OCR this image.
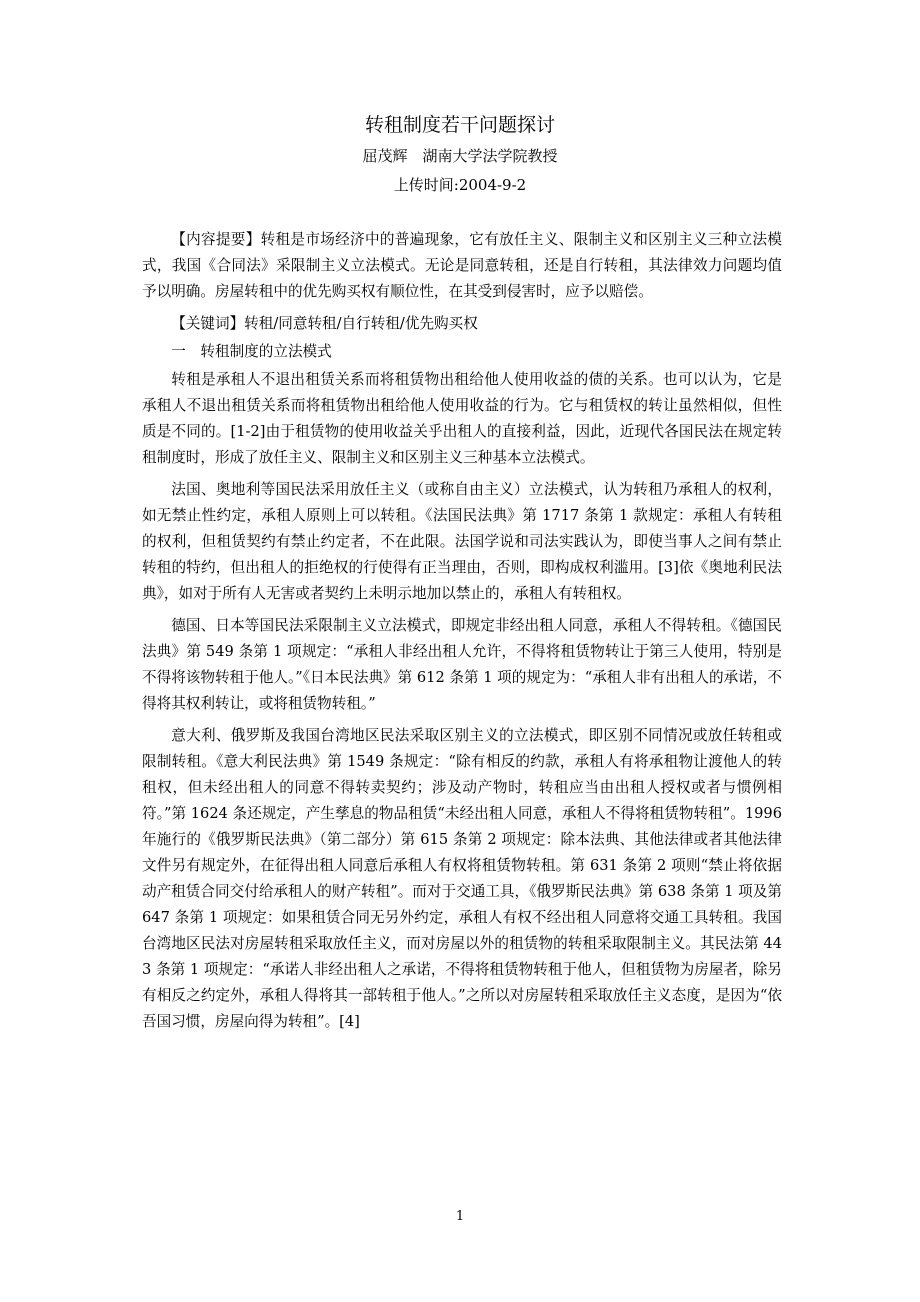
转租制度若干问题探讨
屈茂辉　湖南大学法学院教授
上传时间:2004-9-2

【内容提要】转租是市场经济中的普遍现象，它有放任主义、限制主义和区别主义三种立法模式，我国《合同法》采限制主义立法模式。无论是同意转租，还是自行转租，其法律效力问题均值予以明确。房屋转租中的优先购买权有顺位性，在其受到侵害时，应予以赔偿。

【关键词】转租/同意转租/自行转租/优先购买权

一　转租制度的立法模式

转租是承租人不退出租赁关系而将租赁物出租给他人使用收益的债的关系。也可以认为，它是承租人不退出租赁关系而将租赁物出租给他人使用收益的行为。它与租赁权的转让虽然相似，但性质是不同的。[1-2]由于租赁物的使用收益关乎出租人的直接利益，因此，近现代各国民法在规定转租制度时，形成了放任主义、限制主义和区别主义三种基本立法模式。

法国、奥地利等国民法采用放任主义（或称自由主义）立法模式，认为转租乃承租人的权利，如无禁止性约定，承租人原则上可以转租。《法国民法典》第 1717 条第 1 款规定：承租人有转租的权利，但租赁契约有禁止约定者，不在此限。法国学说和司法实践认为，即使当事人之间有禁止转租的特约，但出租人的拒绝权的行使得有正当理由，否则，即构成权利滥用。[3]依《奥地利民法典》，如对于所有人无害或者契约上未明示地加以禁止的，承租人有转租权。

德国、日本等国民法采限制主义立法模式，即规定非经出租人同意，承租人不得转租。《德国民法典》第 549 条第 1 项规定：“承租人非经出租人允许，不得将租赁物转让于第三人使用，特别是不得将该物转租于他人。”《日本民法典》第 612 条第 1 项的规定为：“承租人非有出租人的承诺，不得将其权利转让，或将租赁物转租。”

意大利、俄罗斯及我国台湾地区民法采取区别主义的立法模式，即区别不同情况或放任转租或限制转租。《意大利民法典》第 1549 条规定：“除有相反的约款，承租人有将承租物让渡他人的转租权，但未经出租人的同意不得转卖契约；涉及动产物时，转租应当由出租人授权或者与惯例相符。”第 1624 条还规定，产生孳息的物品租赁“未经出租人同意，承租人不得将租赁物转租”。1996 年施行的《俄罗斯民法典》（第二部分）第 615 条第 2 项规定：除本法典、其他法律或者其他法律文件另有规定外，在征得出租人同意后承租人有权将租赁物转租。第 631 条第 2 项则“禁止将依据动产租赁合同交付给承租人的财产转租”。而对于交通工具，《俄罗斯民法典》第 638 条第 1 项及第 647 条第 1 项规定：如果租赁合同无另外约定，承租人有权不经出租人同意将交通工具转租。我国台湾地区民法对房屋转租采取放任主义，而对房屋以外的租赁物的转租采取限制主义。其民法第 443 条第 1 项规定：“承诺人非经出租人之承诺，不得将租赁物转租于他人，但租赁物为房屋者，除另有相反之约定外，承租人得将其一部转租于他人。”之所以对房屋转租采取放任主义态度，是因为“依吾国习惯，房屋向得为转租”。[4]

1
